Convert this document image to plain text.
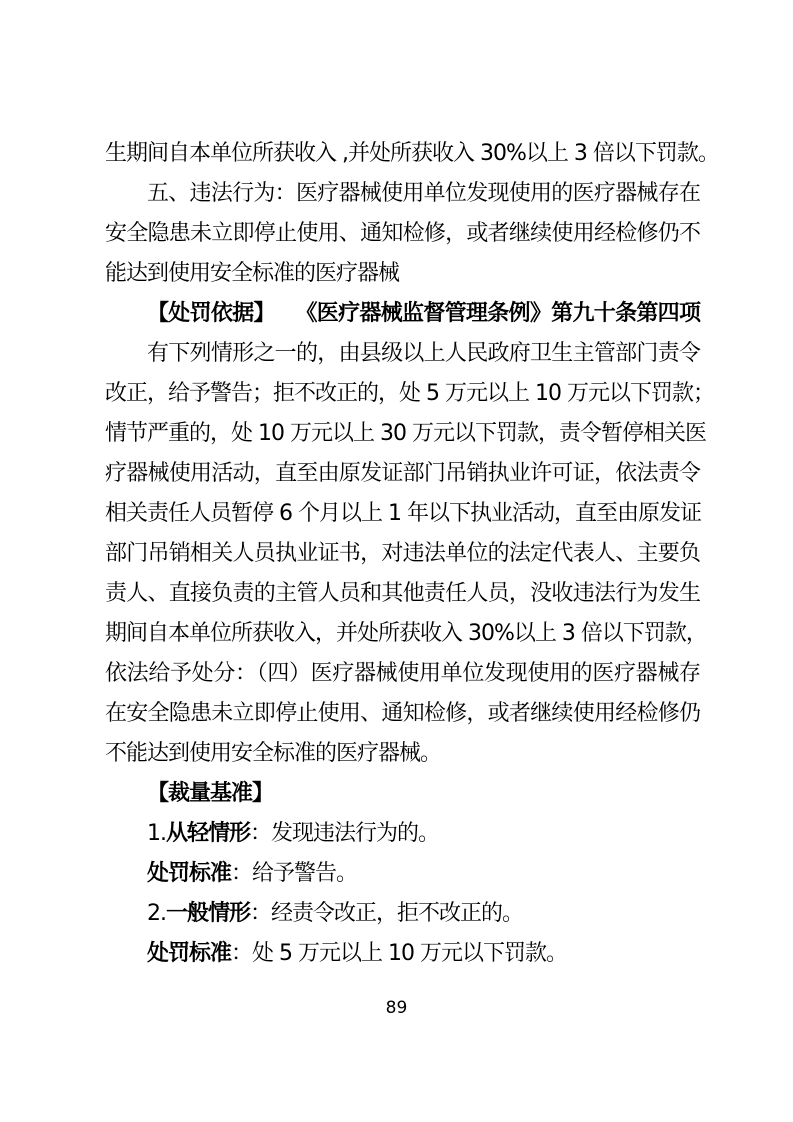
生期间自本单位所获收入 ,并处所获收入 30%以上 3 倍以下罚款。
五、违法行为：医疗器械使用单位发现使用的医疗器械存在
安全隐患未立即停止使用、通知检修，或者继续使用经检修仍不
能达到使用安全标准的医疗器械
【处罚依据】　　《医疗器械监督管理条例》第九十条第四项
有下列情形之一的，由县级以上人民政府卫生主管部门责令
改正，给予警告；拒不改正的，处 5 万元以上 10 万元以下罚款；
情节严重的，处 10 万元以上 30 万元以下罚款，责令暂停相关医
疗器械使用活动，直至由原发证部门吊销执业许可证，依法责令
相关责任人员暂停 6 个月以上 1 年以下执业活动，直至由原发证
部门吊销相关人员执业证书，对违法单位的法定代表人、主要负
责人、直接负责的主管人员和其他责任人员，没收违法行为发生
期间自本单位所获收入，并处所获收入 30%以上 3 倍以下罚款，
依法给予处分：（四）医疗器械使用单位发现使用的医疗器械存
在安全隐患未立即停止使用、通知检修，或者继续使用经检修仍
不能达到使用安全标准的医疗器械。
【裁量基准】
1.从轻情形：发现违法行为的。
处罚标准：给予警告。
2.一般情形：经责令改正，拒不改正的。
处罚标准：处 5 万元以上 10 万元以下罚款。
89
